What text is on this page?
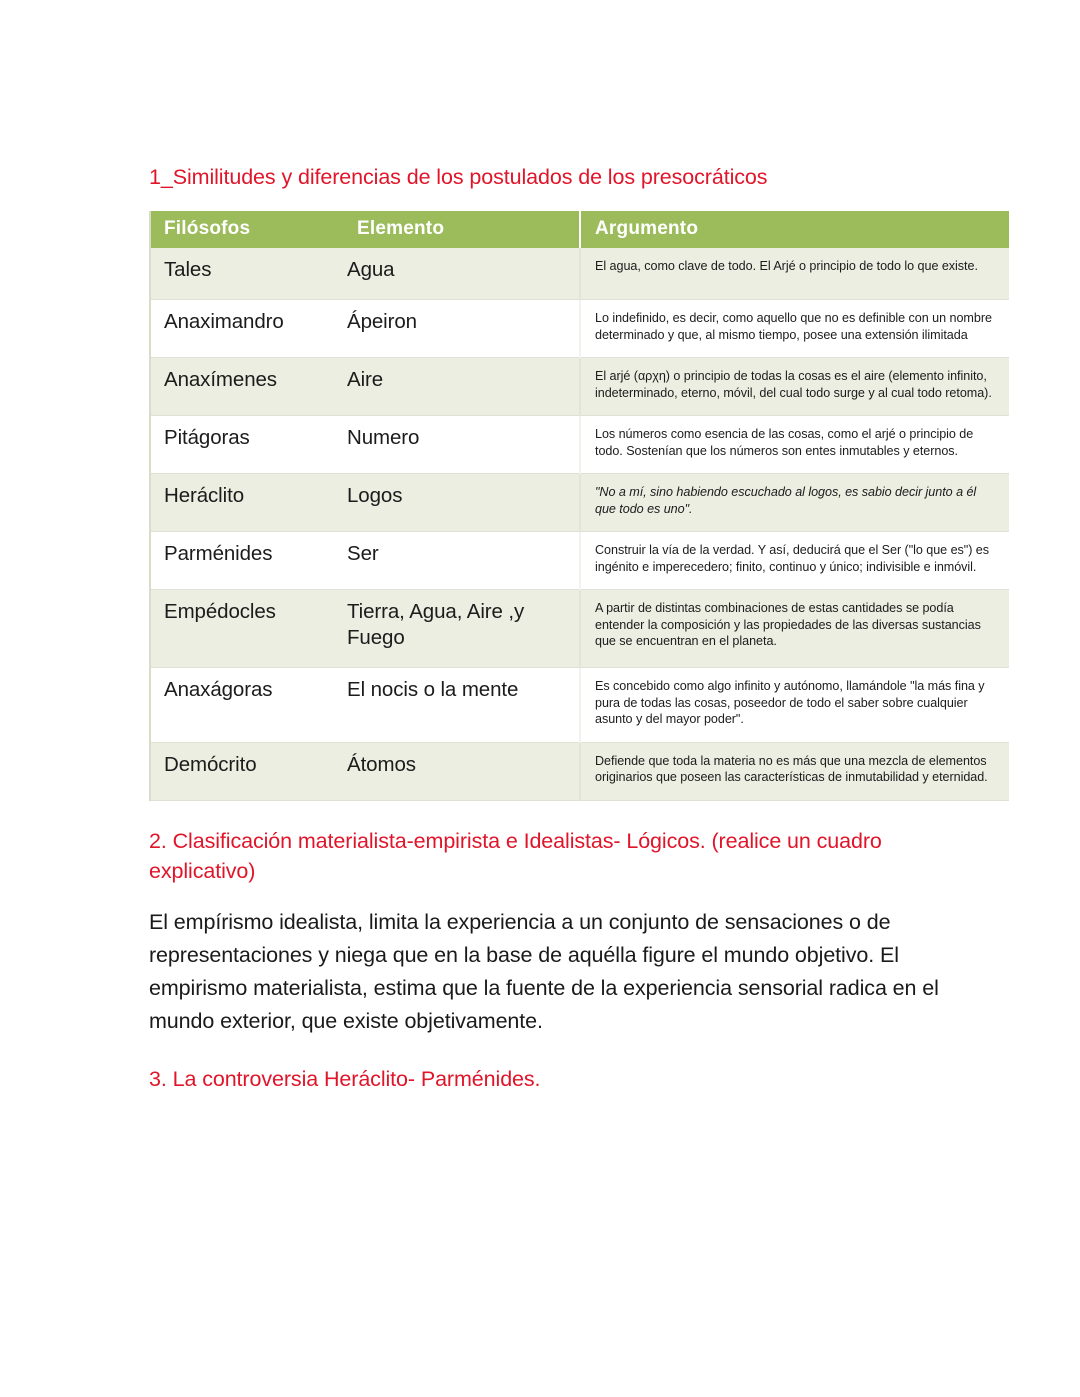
1_Similitudes y diferencias de los postulados de los presocráticos
Filósofos	Elemento	Argumento
Tales	Agua	El agua, como clave de todo. El Arjé o principio de todo lo que existe.
Anaximandro	Ápeiron	Lo indefinido, es decir, como aquello que no es definible con un nombre determinado y que, al mismo tiempo, posee una extensión ilimitada
Anaxímenes	Aire	El arjé (αρχη) o principio de todas la cosas es el aire (elemento infinito, indeterminado, eterno, móvil, del cual todo surge y al cual todo retoma).
Pitágoras	Numero	Los números como esencia de las cosas, como el arjé o principio de todo. Sostenían que los números son entes inmutables y eternos.
Heráclito	Logos	"No a mí, sino habiendo escuchado al logos, es sabio decir junto a él que todo es uno".
Parménides	Ser	Construir la vía de la verdad. Y así, deducirá que el Ser ("lo que es") es ingénito e imperecedero; finito, continuo y único; indivisible e inmóvil.
Empédocles	Tierra, Agua, Aire ,y Fuego	A partir de distintas combinaciones de estas cantidades se podía entender la composición y las propiedades de las diversas sustancias que se encuentran en el planeta.
Anaxágoras	El nocis o la mente	Es concebido como algo infinito y autónomo, llamándole "la más fina y pura de todas las cosas, poseedor de todo el saber sobre cualquier asunto y del mayor poder".
Demócrito	Átomos	Defiende que toda la materia no es más que una mezcla de elementos originarios que poseen las características de inmutabilidad y eternidad.
2. Clasificación materialista-empirista e Idealistas- Lógicos. (realice un cuadro explicativo)

El empírismo idealista, limita la experiencia a un conjunto de sensaciones o de representaciones y niega que en la base de aquélla figure el mundo objetivo. El empirismo materialista, estima que la fuente de la experiencia sensorial radica en el mundo exterior, que existe objetivamente.

3. La controversia Heráclito- Parménides.
